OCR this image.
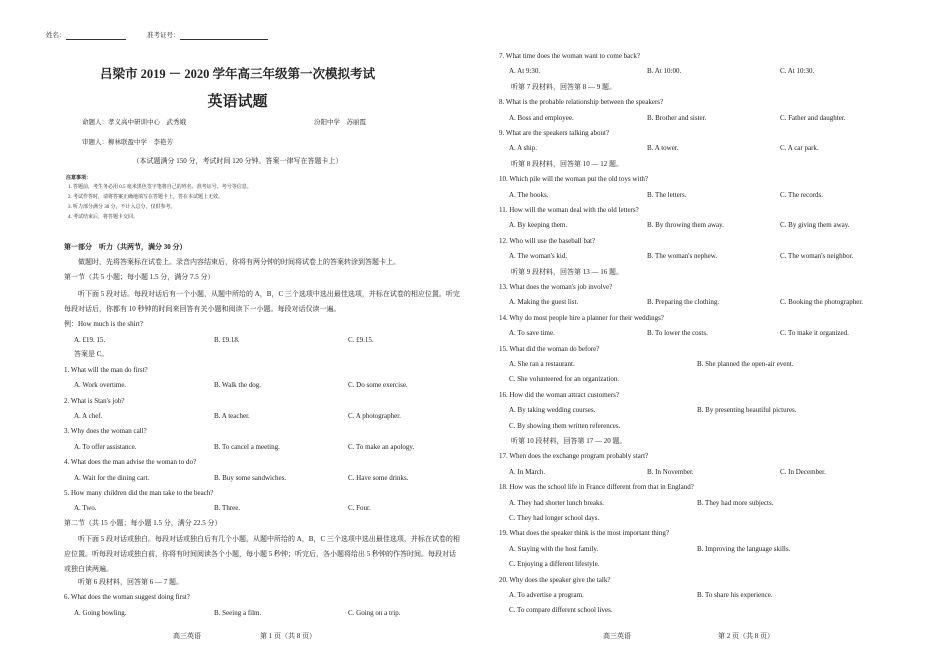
姓名：	准考证号：
吕梁市 2019 － 2020 学年高三年级第一次模拟考试
英语试题
命题人：孝义高中研训中心　武秀娥	汾阳中学　苏丽霞
审题人：柳林联盈中学　李艳芳
（本试题满分 150 分，考试时间 120 分钟。答案一律写在答题卡上）
注意事项：
1. 答题前，考生务必用 0.5 毫米黑色签字笔将自己的姓名、准考证号、考号等信息。
2. 考试作答时，请将答案正确地填写在答题卡上，答在本试题上无效。
3. 听力部分满分 30 分，不计入总分，仅供参考。
4. 考试结束后，将答题卡交回。
第一部分　听力（共两节，满分 30 分）
做题时，先将答案标在试卷上。录音内容结束后，你将有两分钟的时间将试卷上的答案转涂到答题卡上。
第一节（共 5 小题；每小题 1.5 分，满分 7.5 分）
听下面 5 段对话。每段对话后有一个小题，从题中所给的 A，B，C 三个选项中选出最佳选项，并标在试卷的相应位置。听完每段对话后，你都有 10 秒钟的时间来回答有关小题和阅读下一小题。每段对话仅读一遍。
例：How much is the shirt?
A. £19. 15.	B. £9.18.	C. £9.15.
答案是 C。
1. What will the man do first?
A. Work overtime.	B. Walk the dog.	C. Do some exercise.
2. What is Stan's job?
A. A chef.	B. A teacher.	C. A photographer.
3. Why does the woman call?
A. To offer assistance.	B. To cancel a meeting.	C. To make an apology.
4. What does the man advise the woman to do?
A. Wait for the dining cart.	B. Buy some sandwiches.	C. Have some drinks.
5. How many children did the man take to the beach?
A. Two.	B. Three.	C. Four.
第二节（共 15 小题；每小题 1.5 分，满分 22.5 分）
听下面 5 段对话或独白。每段对话或独白后有几个小题，从题中所给的 A，B，C 三个选项中选出最佳选项，并标在试卷的相应位置。听每段对话或独白前，你将有时间阅读各个小题，每小题 5 秒钟；听完后，各小题将给出 5 秒钟的作答时间。每段对话或独白读两遍。
听第 6 段材料，回答第 6 — 7 题。
6. What does the woman suggest doing first?
A. Going bowling.	B. Seeing a film.	C. Going on a trip.
高三英语	第 1 页（共 8 页）
7. What time does the woman want to come back?
A. At 9:30.	B. At 10:00.	C. At 10:30.
听第 7 段材料，回答第 8 — 9 题。
8. What is the probable relationship between the speakers?
A. Boss and employee.	B. Brother and sister.	C. Father and daughter.
9. What are the speakers talking about?
A. A ship.	B. A tower.	C. A car park.
听第 8 段材料，回答第 10 — 12 题。
10. Which pile will the woman put the old toys with?
A. The books.	B. The letters.	C. The records.
11. How will the woman deal with the old letters?
A. By keeping them.	B. By throwing them away.	C. By giving them away.
12. Who will use the baseball bat?
A. The woman's kid.	B. The woman's nephew.	C. The woman's neighbor.
听第 9 段材料，回答第 13 — 16 题。
13. What does the woman's job involve?
A. Making the guest list.	B. Preparing the clothing.	C. Booking the photographer.
14. Why do most people hire a planner for their weddings?
A. To save time.	B. To lower the costs.	C. To make it organized.
15. What did the woman do before?
A. She ran a restaurant.	B. She planned the open-air event.
C. She volunteered for an organization.
16. How did the woman attract customers?
A. By taking wedding courses.	B. By presenting beautiful pictures.
C. By showing them written references.
听第 10 段材料，回答第 17 — 20 题。
17. When does the exchange program probably start?
A. In March.	B. In November.	C. In December.
18. How was the school life in France different from that in England?
A. They had shorter lunch breaks.	B. They had more subjects.
C. They had longer school days.
19. What does the speaker think is the most important thing?
A. Staying with the host family.	B. Improving the language skills.
C. Enjoying a different lifestyle.
20. Why does the speaker give the talk?
A. To advertise a program.	B. To share his experience.
C. To compare different school lives.
高三英语	第 2 页（共 8 页）
